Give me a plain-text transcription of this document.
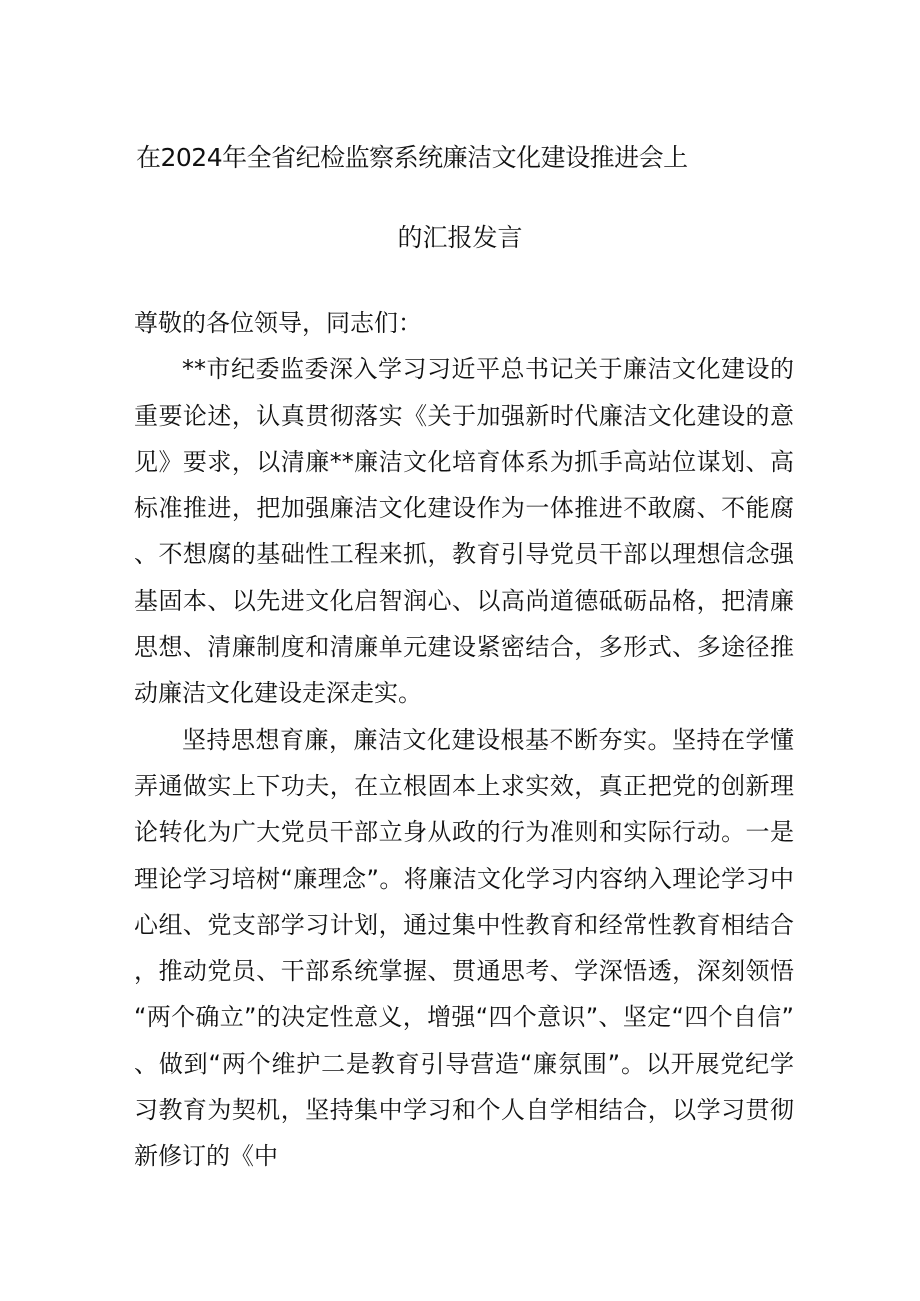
在2024年全省纪检监察系统廉洁文化建设推进会上
的汇报发言

尊敬的各位领导，同志们：

**市纪委监委深入学习习近平总书记关于廉洁文化建设的重要论述，认真贯彻落实《关于加强新时代廉洁文化建设的意见》要求，以清廉**廉洁文化培育体系为抓手高站位谋划、高标准推进，把加强廉洁文化建设作为一体推进不敢腐、不能腐、不想腐的基础性工程来抓，教育引导党员干部以理想信念强基固本、以先进文化启智润心、以高尚道德砥砺品格，把清廉思想、清廉制度和清廉单元建设紧密结合，多形式、多途径推动廉洁文化建设走深走实。

坚持思想育廉，廉洁文化建设根基不断夯实。坚持在学懂弄通做实上下功夫，在立根固本上求实效，真正把党的创新理论转化为广大党员干部立身从政的行为准则和实际行动。一是理论学习培树“廉理念”。将廉洁文化学习内容纳入理论学习中心组、党支部学习计划，通过集中性教育和经常性教育相结合，推动党员、干部系统掌握、贯通思考、学深悟透，深刻领悟“两个确立”的决定性意义，增强“四个意识”、坚定“四个自信”、做到“两个维护二是教育引导营造“廉氛围”。以开展党纪学习教育为契机，坚持集中学习和个人自学相结合，以学习贯彻新修订的《中
